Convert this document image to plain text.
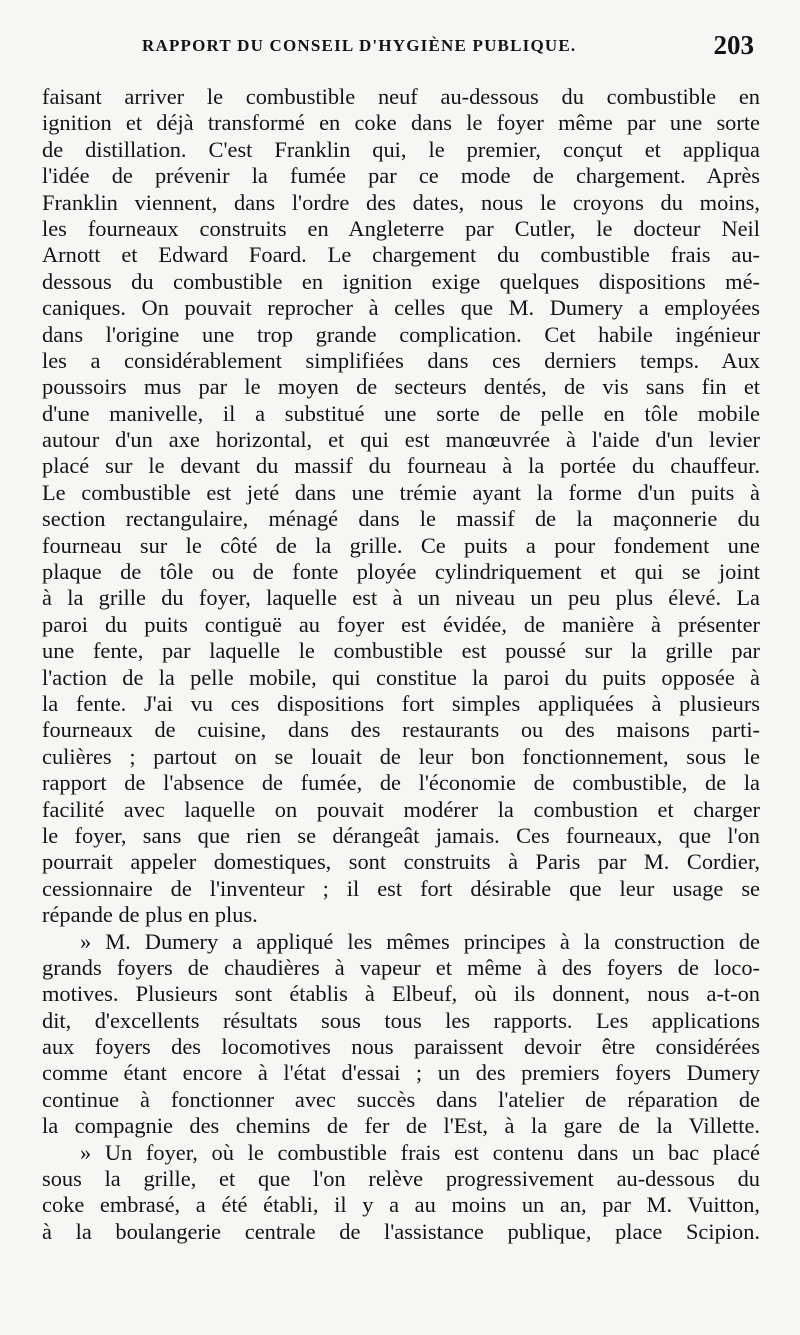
RAPPORT DU CONSEIL D'HYGIÈNE PUBLIQUE.	203
faisant arriver le combustible neuf au-dessous du combustible en
ignition et déjà transformé en coke dans le foyer même par une sorte
de distillation. C'est Franklin qui, le premier, conçut et appliqua
l'idée de prévenir la fumée par ce mode de chargement. Après
Franklin viennent, dans l'ordre des dates, nous le croyons du moins,
les fourneaux construits en Angleterre par Cutler, le docteur Neil
Arnott et Edward Foard. Le chargement du combustible frais au-
dessous du combustible en ignition exige quelques dispositions mé-
caniques. On pouvait reprocher à celles que M. Dumery a employées
dans l'origine une trop grande complication. Cet habile ingénieur
les a considérablement simplifiées dans ces derniers temps. Aux
poussoirs mus par le moyen de secteurs dentés, de vis sans fin et
d'une manivelle, il a substitué une sorte de pelle en tôle mobile
autour d'un axe horizontal, et qui est manœuvrée à l'aide d'un levier
placé sur le devant du massif du fourneau à la portée du chauffeur.
Le combustible est jeté dans une trémie ayant la forme d'un puits à
section rectangulaire, ménagé dans le massif de la maçonnerie du
fourneau sur le côté de la grille. Ce puits a pour fondement une
plaque de tôle ou de fonte ployée cylindriquement et qui se joint
à la grille du foyer, laquelle est à un niveau un peu plus élevé. La
paroi du puits contiguë au foyer est évidée, de manière à présenter
une fente, par laquelle le combustible est poussé sur la grille par
l'action de la pelle mobile, qui constitue la paroi du puits opposée à
la fente. J'ai vu ces dispositions fort simples appliquées à plusieurs
fourneaux de cuisine, dans des restaurants ou des maisons parti-
culières ; partout on se louait de leur bon fonctionnement, sous le
rapport de l'absence de fumée, de l'économie de combustible, de la
facilité avec laquelle on pouvait modérer la combustion et charger
le foyer, sans que rien se dérangeât jamais. Ces fourneaux, que l'on
pourrait appeler domestiques, sont construits à Paris par M. Cordier,
cessionnaire de l'inventeur ; il est fort désirable que leur usage se
répande de plus en plus.
» M. Dumery a appliqué les mêmes principes à la construction de
grands foyers de chaudières à vapeur et même à des foyers de loco-
motives. Plusieurs sont établis à Elbeuf, où ils donnent, nous a-t-on
dit, d'excellents résultats sous tous les rapports. Les applications
aux foyers des locomotives nous paraissent devoir être considérées
comme étant encore à l'état d'essai ; un des premiers foyers Dumery
continue à fonctionner avec succès dans l'atelier de réparation de
la compagnie des chemins de fer de l'Est, à la gare de la Villette.
» Un foyer, où le combustible frais est contenu dans un bac placé
sous la grille, et que l'on relève progressivement au-dessous du
coke embrasé, a été établi, il y a au moins un an, par M. Vuitton,
à la boulangerie centrale de l'assistance publique, place Scipion.
